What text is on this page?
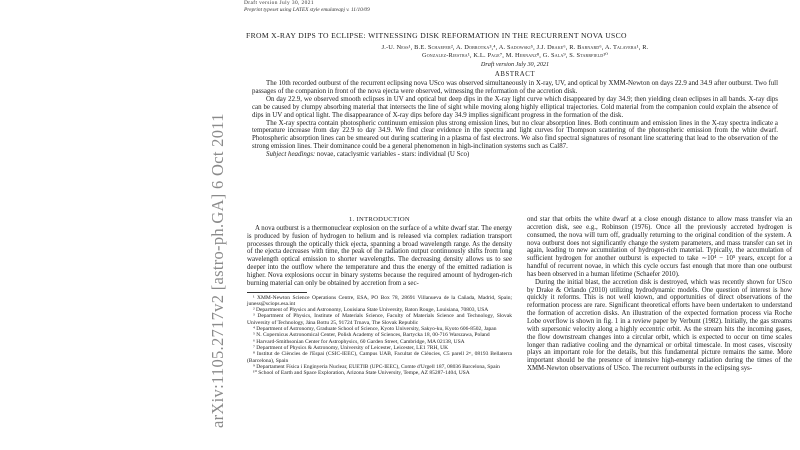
Draft version July 30, 2021
Preprint typeset using LATEX style emulateapj v. 11/10/09
arXiv:1105.2717v2 [astro-ph.GA] 6 Oct 2011
FROM X-RAY DIPS TO ECLIPSE: WITNESSING DISK REFORMATION IN THE RECURRENT NOVA USCO
J.-U. Ness¹, B.E. Schaefer², A. Dobrotka³,⁴, A. Sadowski⁵, J.J. Drake⁶, R. Barnard⁶, A. Talavera¹, R.
Gonzalez-Riestra¹, K.L. Page⁷, M. Hernanz⁸, G. Sala⁹, S. Starrfield¹⁰
Draft version July 30, 2021
ABSTRACT

The 10th recorded outburst of the recurrent eclipsing nova USco was observed simultaneously in X-ray, UV, and optical by XMM-Newton on days 22.9 and 34.9 after outburst. Two full passages of the companion in front of the nova ejecta were observed, witnessing the reformation of the accretion disk.

On day 22.9, we observed smooth eclipses in UV and optical but deep dips in the X-ray light curve which disappeared by day 34.9; then yielding clean eclipses in all bands. X-ray dips can be caused by clumpy absorbing material that intersects the line of sight while moving along highly elliptical trajectories. Cold material from the companion could explain the absence of dips in UV and optical light. The disappearance of X-ray dips before day 34.9 implies significant progress in the formation of the disk.

The X-ray spectra contain photospheric continuum emission plus strong emission lines, but no clear absorption lines. Both continuum and emission lines in the X-ray spectra indicate a temperature increase from day 22.9 to day 34.9. We find clear evidence in the spectra and light curves for Thompson scattering of the photospheric emission from the white dwarf. Photospheric absorption lines can be smeared out during scattering in a plasma of fast electrons. We also find spectral signatures of resonant line scattering that lead to the observation of the strong emission lines. Their dominance could be a general phenomenon in high-inclination systems such as Cal87.

Subject headings: novae, cataclysmic variables - stars: individual (U Sco)

1. INTRODUCTION

A nova outburst is a thermonuclear explosion on the surface of a white dwarf star. The energy is produced by fusion of hydrogen to helium and is released via complex radiation transport processes through the optically thick ejecta, spanning a broad wavelength range. As the density of the ejecta decreases with time, the peak of the radiation output continuously shifts from long wavelength optical emission to shorter wavelengths. The decreasing density allows us to see deeper into the outflow where the temperature and thus the energy of the emitted radiation is higher. Nova explosions occur in binary systems because the required amount of hydrogen-rich burning material can only be obtained by accretion from a sec-

¹ XMM-Newton Science Operations Centre, ESA, PO Box 78, 28691 Villanueva de la Cañada, Madrid, Spain; juness@sciops.esa.int
² Department of Physics and Astronomy, Louisiana State University, Baton Rouge, Louisiana, 70803, USA
³ Department of Physics, Institute of Materials Science, Faculty of Materials Science and Technology, Slovak University of Technology, Jána Bottu 25, 91724 Trnava, The Slovak Republic
⁴ Department of Astronomy, Graduate School of Science, Kyoto University, Sakyo-ku, Kyoto 606-8502, Japan
⁵ N. Copernicus Astronomical Center, Polish Academy of Sciences, Bartycka 18, 00-716 Warszawa, Poland
⁶ Harvard-Smithsonian Center for Astrophysics, 60 Garden Street, Cambridge, MA 02138, USA
⁷ Department of Physics & Astronomy, University of Leicester, Leicester, LE1 7RH, UK
⁸ Institut de Ciències de l'Espai (CSIC-IEEC), Campus UAB, Facultat de Ciències, C5 parell 2ᵃᵗ, 08193 Bellaterra (Barcelona), Spain
⁹ Departament Física i Enginyeria Nuclear, EUETIB (UPC-IEEC), Comte d'Urgell 187, 08036 Barcelona, Spain
¹⁰ School of Earth and Space Exploration, Arizona State University, Tempe, AZ 85287-1404, USA

ond star that orbits the white dwarf at a close enough distance to allow mass transfer via an accretion disk, see e.g., Robinson (1976). Once all the previously accreted hydrogen is consumed, the nova will turn off, gradually returning to the original condition of the system. A nova outburst does not significantly change the system parameters, and mass transfer can set in again, leading to new accumulation of hydrogen-rich material. Typically, the accumulation of sufficient hydrogen for another outburst is expected to take ∼10⁴ − 10⁵ years, except for a handful of recurrent novae, in which this cycle occurs fast enough that more than one outburst has been observed in a human lifetime (Schaefer 2010).

During the initial blast, the accretion disk is destroyed, which was recently shown for USco by Drake & Orlando (2010) utilizing hydrodynamic models. One question of interest is how quickly it reforms. This is not well known, and opportunities of direct observations of the reformation process are rare. Significant theoretical efforts have been undertaken to understand the formation of accretion disks. An illustration of the expected formation process via Roche Lobe overflow is shown in fig. 1 in a review paper by Verbunt (1982). Initially, the gas streams with supersonic velocity along a highly eccentric orbit. As the stream hits the incoming gases, the flow downstream changes into a circular orbit, which is expected to occur on time scales longer than radiative cooling and the dynamical or orbital timescale. In most cases, viscosity plays an important role for the details, but this fundamental picture remains the same. More important should be the presence of intensive high-energy radiation during the times of the XMM-Newton observations of USco. The recurrent outbursts in the eclipsing sys-
